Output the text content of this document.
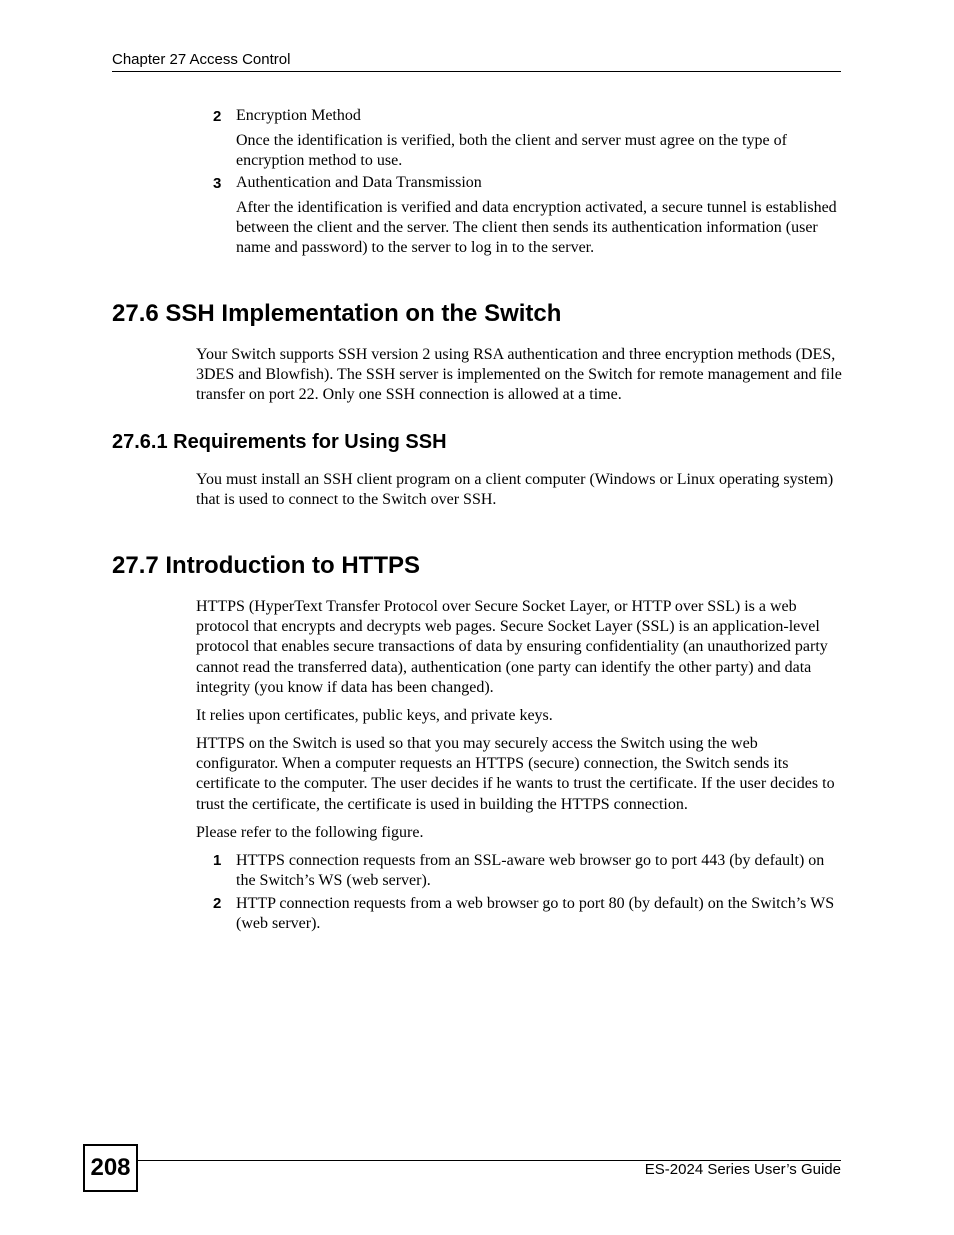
Chapter 27 Access Control
2 Encryption Method

Once the identification is verified, both the client and server must agree on the type of encryption method to use.

3 Authentication and Data Transmission

After the identification is verified and data encryption activated, a secure tunnel is established between the client and the server. The client then sends its authentication information (user name and password) to the server to log in to the server.

27.6 SSH Implementation on the Switch

Your Switch supports SSH version 2 using RSA authentication and three encryption methods (DES, 3DES and Blowfish). The SSH server is implemented on the Switch for remote management and file transfer on port 22. Only one SSH connection is allowed at a time.

27.6.1 Requirements for Using SSH

You must install an SSH client program on a client computer (Windows or Linux operating system) that is used to connect to the Switch over SSH.

27.7 Introduction to HTTPS

HTTPS (HyperText Transfer Protocol over Secure Socket Layer, or HTTP over SSL) is a web protocol that encrypts and decrypts web pages. Secure Socket Layer (SSL) is an application-level protocol that enables secure transactions of data by ensuring confidentiality (an unauthorized party cannot read the transferred data), authentication (one party can identify the other party) and data integrity (you know if data has been changed).

It relies upon certificates, public keys, and private keys.

HTTPS on the Switch is used so that you may securely access the Switch using the web configurator. When a computer requests an HTTPS (secure) connection, the Switch sends its certificate to the computer. The user decides if he wants to trust the certificate. If the user decides to trust the certificate, the certificate is used in building the HTTPS connection.

Please refer to the following figure.

1 HTTPS connection requests from an SSL-aware web browser go to port 443 (by default) on the Switch’s WS (web server).

2 HTTP connection requests from a web browser go to port 80 (by default) on the Switch’s WS (web server).

208	ES-2024 Series User’s Guide
